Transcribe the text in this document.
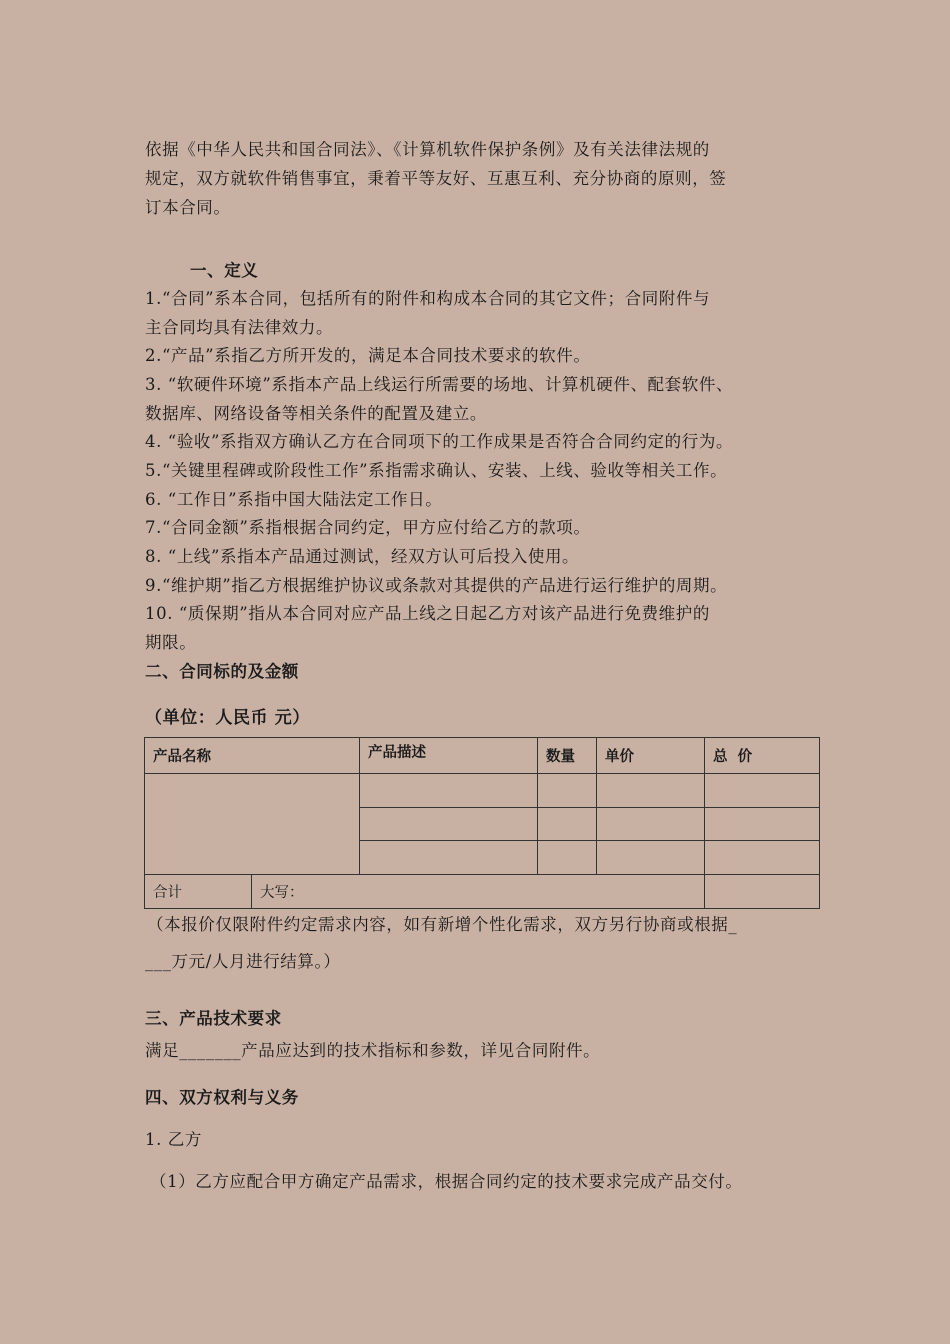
依据《中华人民共和国合同法》、《计算机软件保护条例》及有关法律法规的
规定，双方就软件销售事宜，秉着平等友好、互惠互利、充分协商的原则，签
订本合同。
一、定义
1.“合同”系本合同，包括所有的附件和构成本合同的其它文件；合同附件与
主合同均具有法律效力。
2.“产品”系指乙方所开发的，满足本合同技术要求的软件。
3. “软硬件环境”系指本产品上线运行所需要的场地、计算机硬件、配套软件、
数据库、网络设备等相关条件的配置及建立。
4. “验收”系指双方确认乙方在合同项下的工作成果是否符合合同约定的行为。
5.“关键里程碑或阶段性工作”系指需求确认、安装、上线、验收等相关工作。
6. “工作日”系指中国大陆法定工作日。
7.“合同金额”系指根据合同约定，甲方应付给乙方的款项。
8. “上线”系指本产品通过测试，经双方认可后投入使用。
9.“维护期”指乙方根据维护协议或条款对其提供的产品进行运行维护的周期。
10. “质保期”指从本合同对应产品上线之日起乙方对该产品进行免费维护的
期限。
二、合同标的及金额
（单位：人民币 元）
产品名称		产品描述	数量	单价	总  价

合计	大写：				
（本报价仅限附件约定需求内容，如有新增个性化需求，双方另行协商或根据_
___万元/人月进行结算。）
三、产品技术要求
满足_______产品应达到的技术指标和参数，详见合同附件。
四、双方权利与义务
1. 乙方
（1）乙方应配合甲方确定产品需求，根据合同约定的技术要求完成产品交付。
